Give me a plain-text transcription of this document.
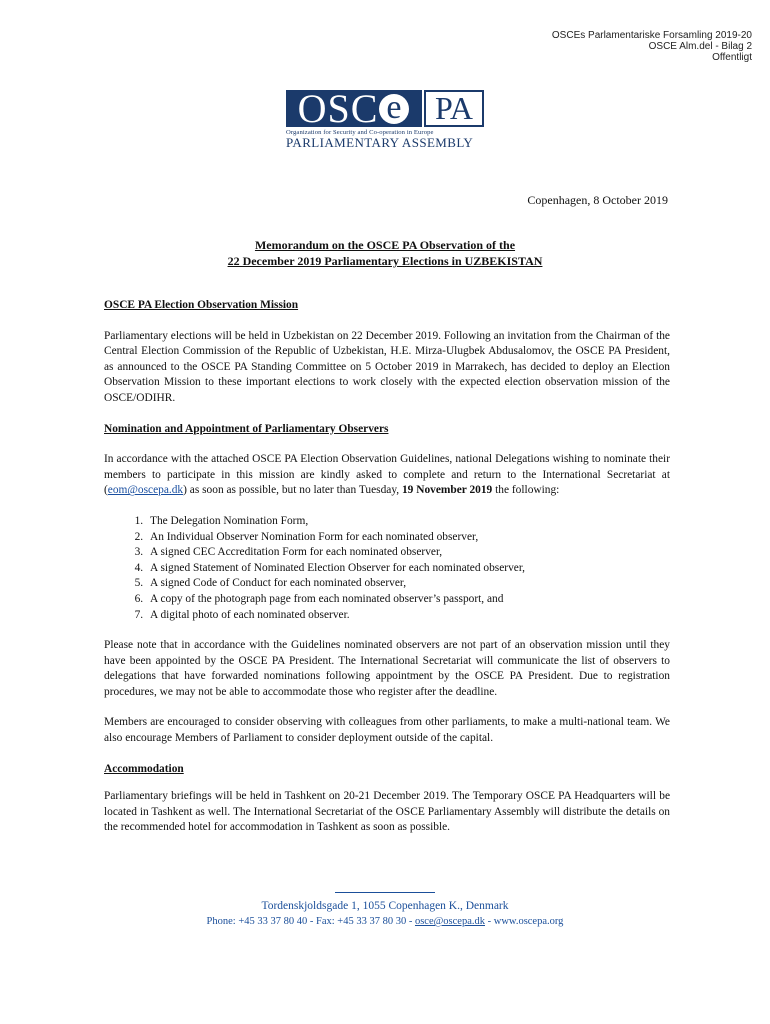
OSCEs Parlamentariske Forsamling 2019-20
OSCE Alm.del - Bilag 2
Offentligt
OSC e	PA
Organization for Security and Co-operation in Europe
PARLIAMENTARY ASSEMBLY
Copenhagen, 8 October 2019
Memorandum on the OSCE PA Observation of the
22 December 2019 Parliamentary Elections in UZBEKISTAN
OSCE PA Election Observation Mission

Parliamentary elections will be held in Uzbekistan on 22 December 2019. Following an invitation from the Chairman of the Central Election Commission of the Republic of Uzbekistan, H.E. Mirza-Ulugbek Abdusalomov, the OSCE PA President, as announced to the OSCE PA Standing Committee on 5 October 2019 in Marrakech, has decided to deploy an Election Observation Mission to these important elections to work closely with the expected election observation mission of the OSCE/ODIHR.

Nomination and Appointment of Parliamentary Observers

In accordance with the attached OSCE PA Election Observation Guidelines, national Delegations wishing to nominate their members to participate in this mission are kindly asked to complete and return to the International Secretariat at (eom@oscepa.dk) as soon as possible, but no later than Tuesday, 19 November 2019 the following:

1. The Delegation Nomination Form,
2. An Individual Observer Nomination Form for each nominated observer,
3. A signed CEC Accreditation Form for each nominated observer,
4. A signed Statement of Nominated Election Observer for each nominated observer,
5. A signed Code of Conduct for each nominated observer,
6. A copy of the photograph page from each nominated observer’s passport, and
7. A digital photo of each nominated observer.

Please note that in accordance with the Guidelines nominated observers are not part of an observation mission until they have been appointed by the OSCE PA President. The International Secretariat will communicate the list of observers to delegations that have forwarded nominations following appointment by the OSCE PA President. Due to registration procedures, we may not be able to accommodate those who register after the deadline.

Members are encouraged to consider observing with colleagues from other parliaments, to make a multi-national team. We also encourage Members of Parliament to consider deployment outside of the capital.

Accommodation

Parliamentary briefings will be held in Tashkent on 20-21 December 2019. The Temporary OSCE PA Headquarters will be located in Tashkent as well. The International Secretariat of the OSCE Parliamentary Assembly will distribute the details on the recommended hotel for accommodation in Tashkent as soon as possible.

Tordenskjoldsgade 1, 1055 Copenhagen K., Denmark
Phone: +45 33 37 80 40 - Fax: +45 33 37 80 30 - osce@oscepa.dk - www.oscepa.org
